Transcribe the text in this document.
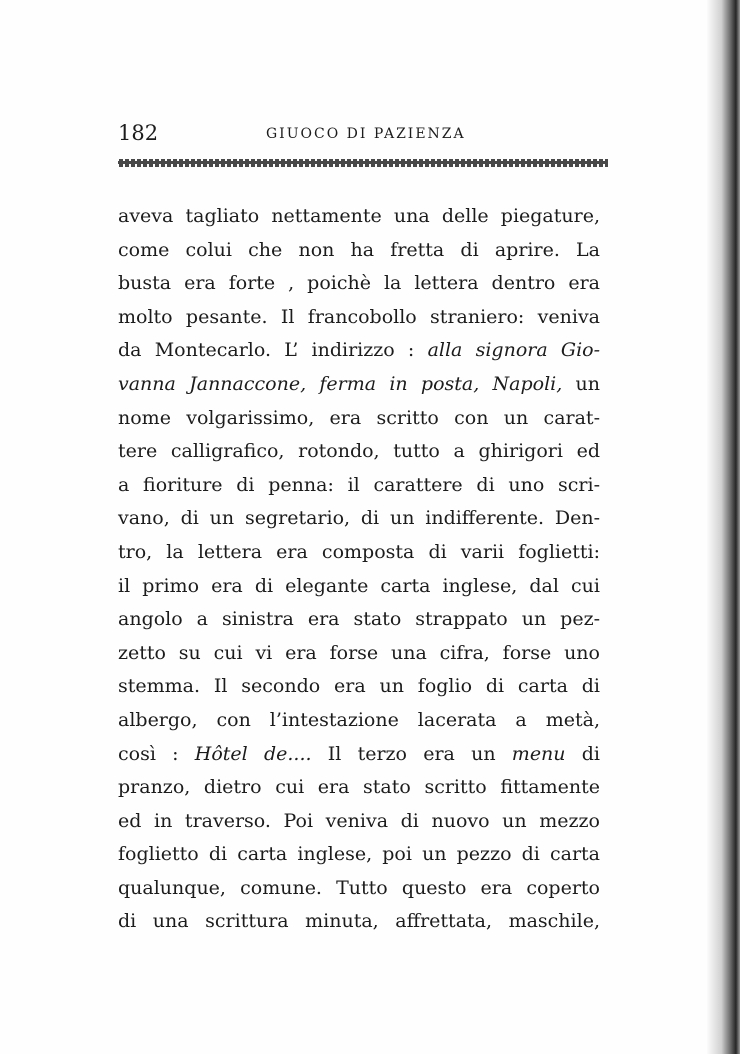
182	GIUOCO DI PAZIENZA
aveva tagliato nettamente una delle piegature,
come colui che non ha fretta di aprire. La
busta era forte , poichè la lettera dentro era
molto pesante. Il francobollo straniero: veniva
da Montecarlo. L’ indirizzo : alla signora Gio-
vanna Jannaccone, ferma in posta, Napoli, un
nome volgarissimo, era scritto con un carat-
tere calligrafico, rotondo, tutto a ghirigori ed
a fioriture di penna: il carattere di uno scri-
vano, di un segretario, di un indifferente. Den-
tro, la lettera era composta di varii foglietti:
il primo era di elegante carta inglese, dal cui
angolo a sinistra era stato strappato un pez-
zetto su cui vi era forse una cifra, forse uno
stemma. Il secondo era un foglio di carta di
albergo, con l’intestazione lacerata a metà,
così : Hôtel de.... Il terzo era un menu di
pranzo, dietro cui era stato scritto fittamente
ed in traverso. Poi veniva di nuovo un mezzo
foglietto di carta inglese, poi un pezzo di carta
qualunque, comune. Tutto questo era coperto
di una scrittura minuta, affrettata, maschile,
